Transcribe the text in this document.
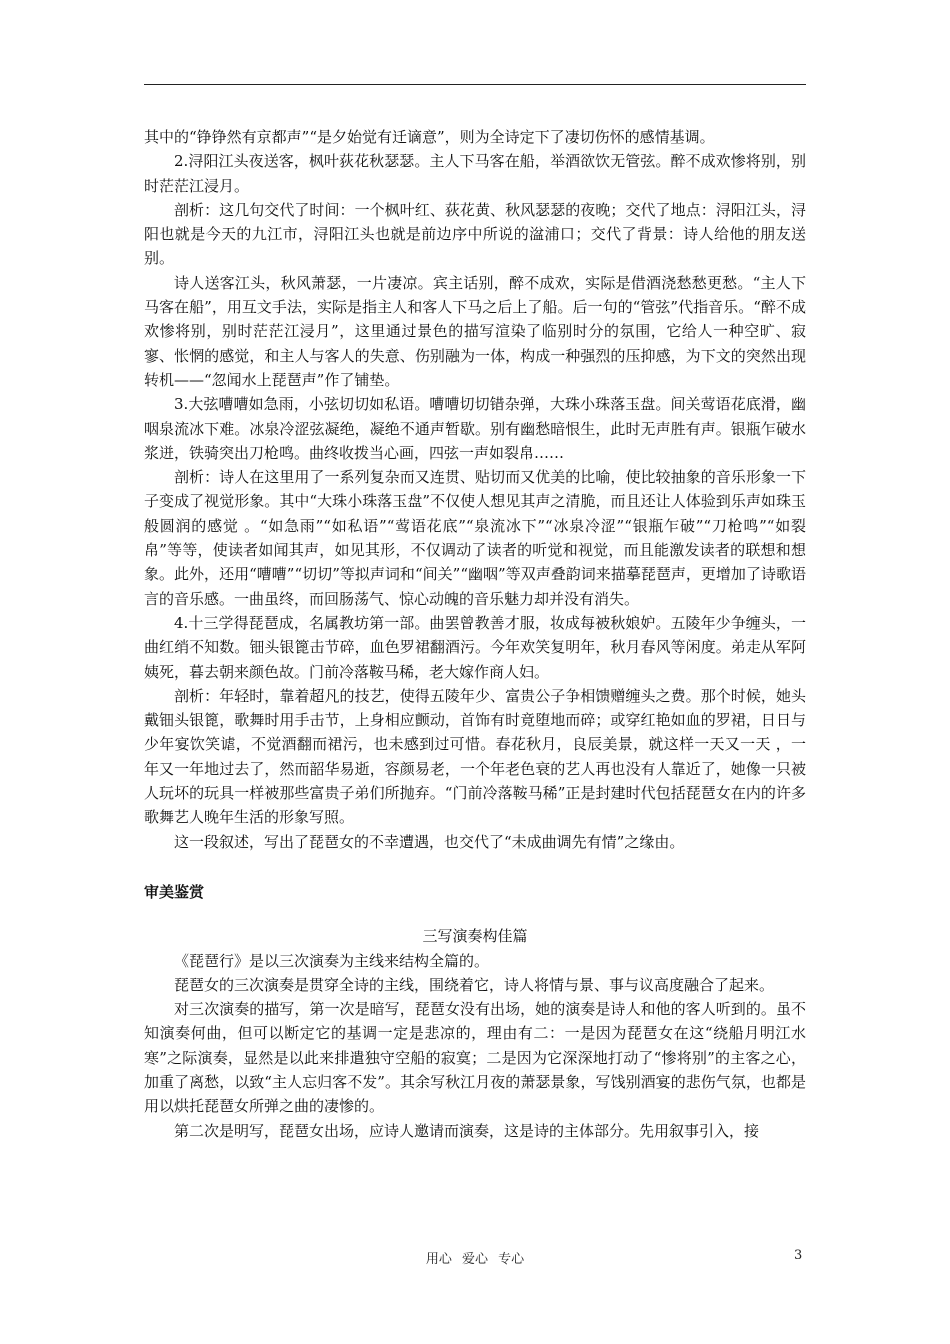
其中的“铮铮然有京都声”“是夕始觉有迁谪意”，则为全诗定下了凄切伤怀的感情基调。

2.浔阳江头夜送客，枫叶荻花秋瑟瑟。主人下马客在船，举酒欲饮无管弦。醉不成欢惨将别，别时茫茫江浸月。

剖析：这几句交代了时间：一个枫叶红、荻花黄、秋风瑟瑟的夜晚；交代了地点：浔阳江头，浔阳也就是今天的九江市，浔阳江头也就是前边序中所说的湓浦口；交代了背景：诗人给他的朋友送别。

诗人送客江头，秋风萧瑟，一片凄凉。宾主话别，醉不成欢，实际是借酒浇愁愁更愁。“主人下马客在船”，用互文手法，实际是指主人和客人下马之后上了船。后一句的“管弦”代指音乐。“醉不成欢惨将别，别时茫茫江浸月”，这里通过景色的描写渲染了临别时分的氛围，它给人一种空旷、寂寥、怅惘的感觉，和主人与客人的失意、伤别融为一体，构成一种强烈的压抑感，为下文的突然出现转机——“忽闻水上琵琶声”作了铺垫。

3.大弦嘈嘈如急雨，小弦切切如私语。嘈嘈切切错杂弹，大珠小珠落玉盘。间关莺语花底滑，幽咽泉流冰下难。冰泉冷涩弦凝绝，凝绝不通声暂歇。别有幽愁暗恨生，此时无声胜有声。银瓶乍破水浆迸，铁骑突出刀枪鸣。曲终收拨当心画，四弦一声如裂帛……

剖析：诗人在这里用了一系列复杂而又连贯、贴切而又优美的比喻，使比较抽象的音乐形象一下子变成了视觉形象。其中“大珠小珠落玉盘”不仅使人想见其声之清脆，而且还让人体验到乐声如珠玉般圆润的感觉 。“如急雨”“如私语”“莺语花底”“泉流冰下”“冰泉冷涩”“银瓶乍破”“刀枪鸣”“如裂帛”等等，使读者如闻其声，如见其形，不仅调动了读者的听觉和视觉，而且能激发读者的联想和想象。此外，还用“嘈嘈”“切切”等拟声词和“间关”“幽咽”等双声叠韵词来描摹琵琶声，更增加了诗歌语言的音乐感。一曲虽终，而回肠荡气、惊心动魄的音乐魅力却并没有消失。

4.十三学得琵琶成，名属教坊第一部。曲罢曾教善才服，妆成每被秋娘妒。五陵年少争缠头，一曲红绡不知数。钿头银篦击节碎，血色罗裙翻酒污。今年欢笑复明年，秋月春风等闲度。弟走从军阿姨死，暮去朝来颜色故。门前冷落鞍马稀，老大嫁作商人妇。

剖析：年轻时，靠着超凡的技艺，使得五陵年少、富贵公子争相馈赠缠头之费。那个时候，她头戴钿头银篦，歌舞时用手击节，上身相应颤动，首饰有时竟堕地而碎；或穿红艳如血的罗裙，日日与少年宴饮笑谑，不觉酒翻而裙污，也未感到过可惜。春花秋月，良辰美景，就这样一天又一天 ，一年又一年地过去了，然而韶华易逝，容颜易老，一个年老色衰的艺人再也没有人靠近了，她像一只被人玩坏的玩具一样被那些富贵子弟们所抛弃。“门前冷落鞍马稀”正是封建时代包括琵琶女在内的许多歌舞艺人晚年生活的形象写照。

这一段叙述，写出了琵琶女的不幸遭遇，也交代了“未成曲调先有情”之缘由。

审美鉴赏

三写演奏构佳篇

《琵琶行》是以三次演奏为主线来结构全篇的。

琵琶女的三次演奏是贯穿全诗的主线，围绕着它，诗人将情与景、事与议高度融合了起来。

对三次演奏的描写，第一次是暗写，琵琶女没有出场，她的演奏是诗人和他的客人听到的。虽不知演奏何曲，但可以断定它的基调一定是悲凉的，理由有二：一是因为琵琶女在这“绕船月明江水寒”之际演奏，显然是以此来排遣独守空船的寂寞；二是因为它深深地打动了“惨将别”的主客之心，加重了离愁，以致“主人忘归客不发”。其余写秋江月夜的萧瑟景象，写饯别酒宴的悲伤气氛，也都是用以烘托琵琶女所弹之曲的凄惨的。

第二次是明写，琵琶女出场，应诗人邀请而演奏，这是诗的主体部分。先用叙事引入，接

用心 爱心 专心	3
